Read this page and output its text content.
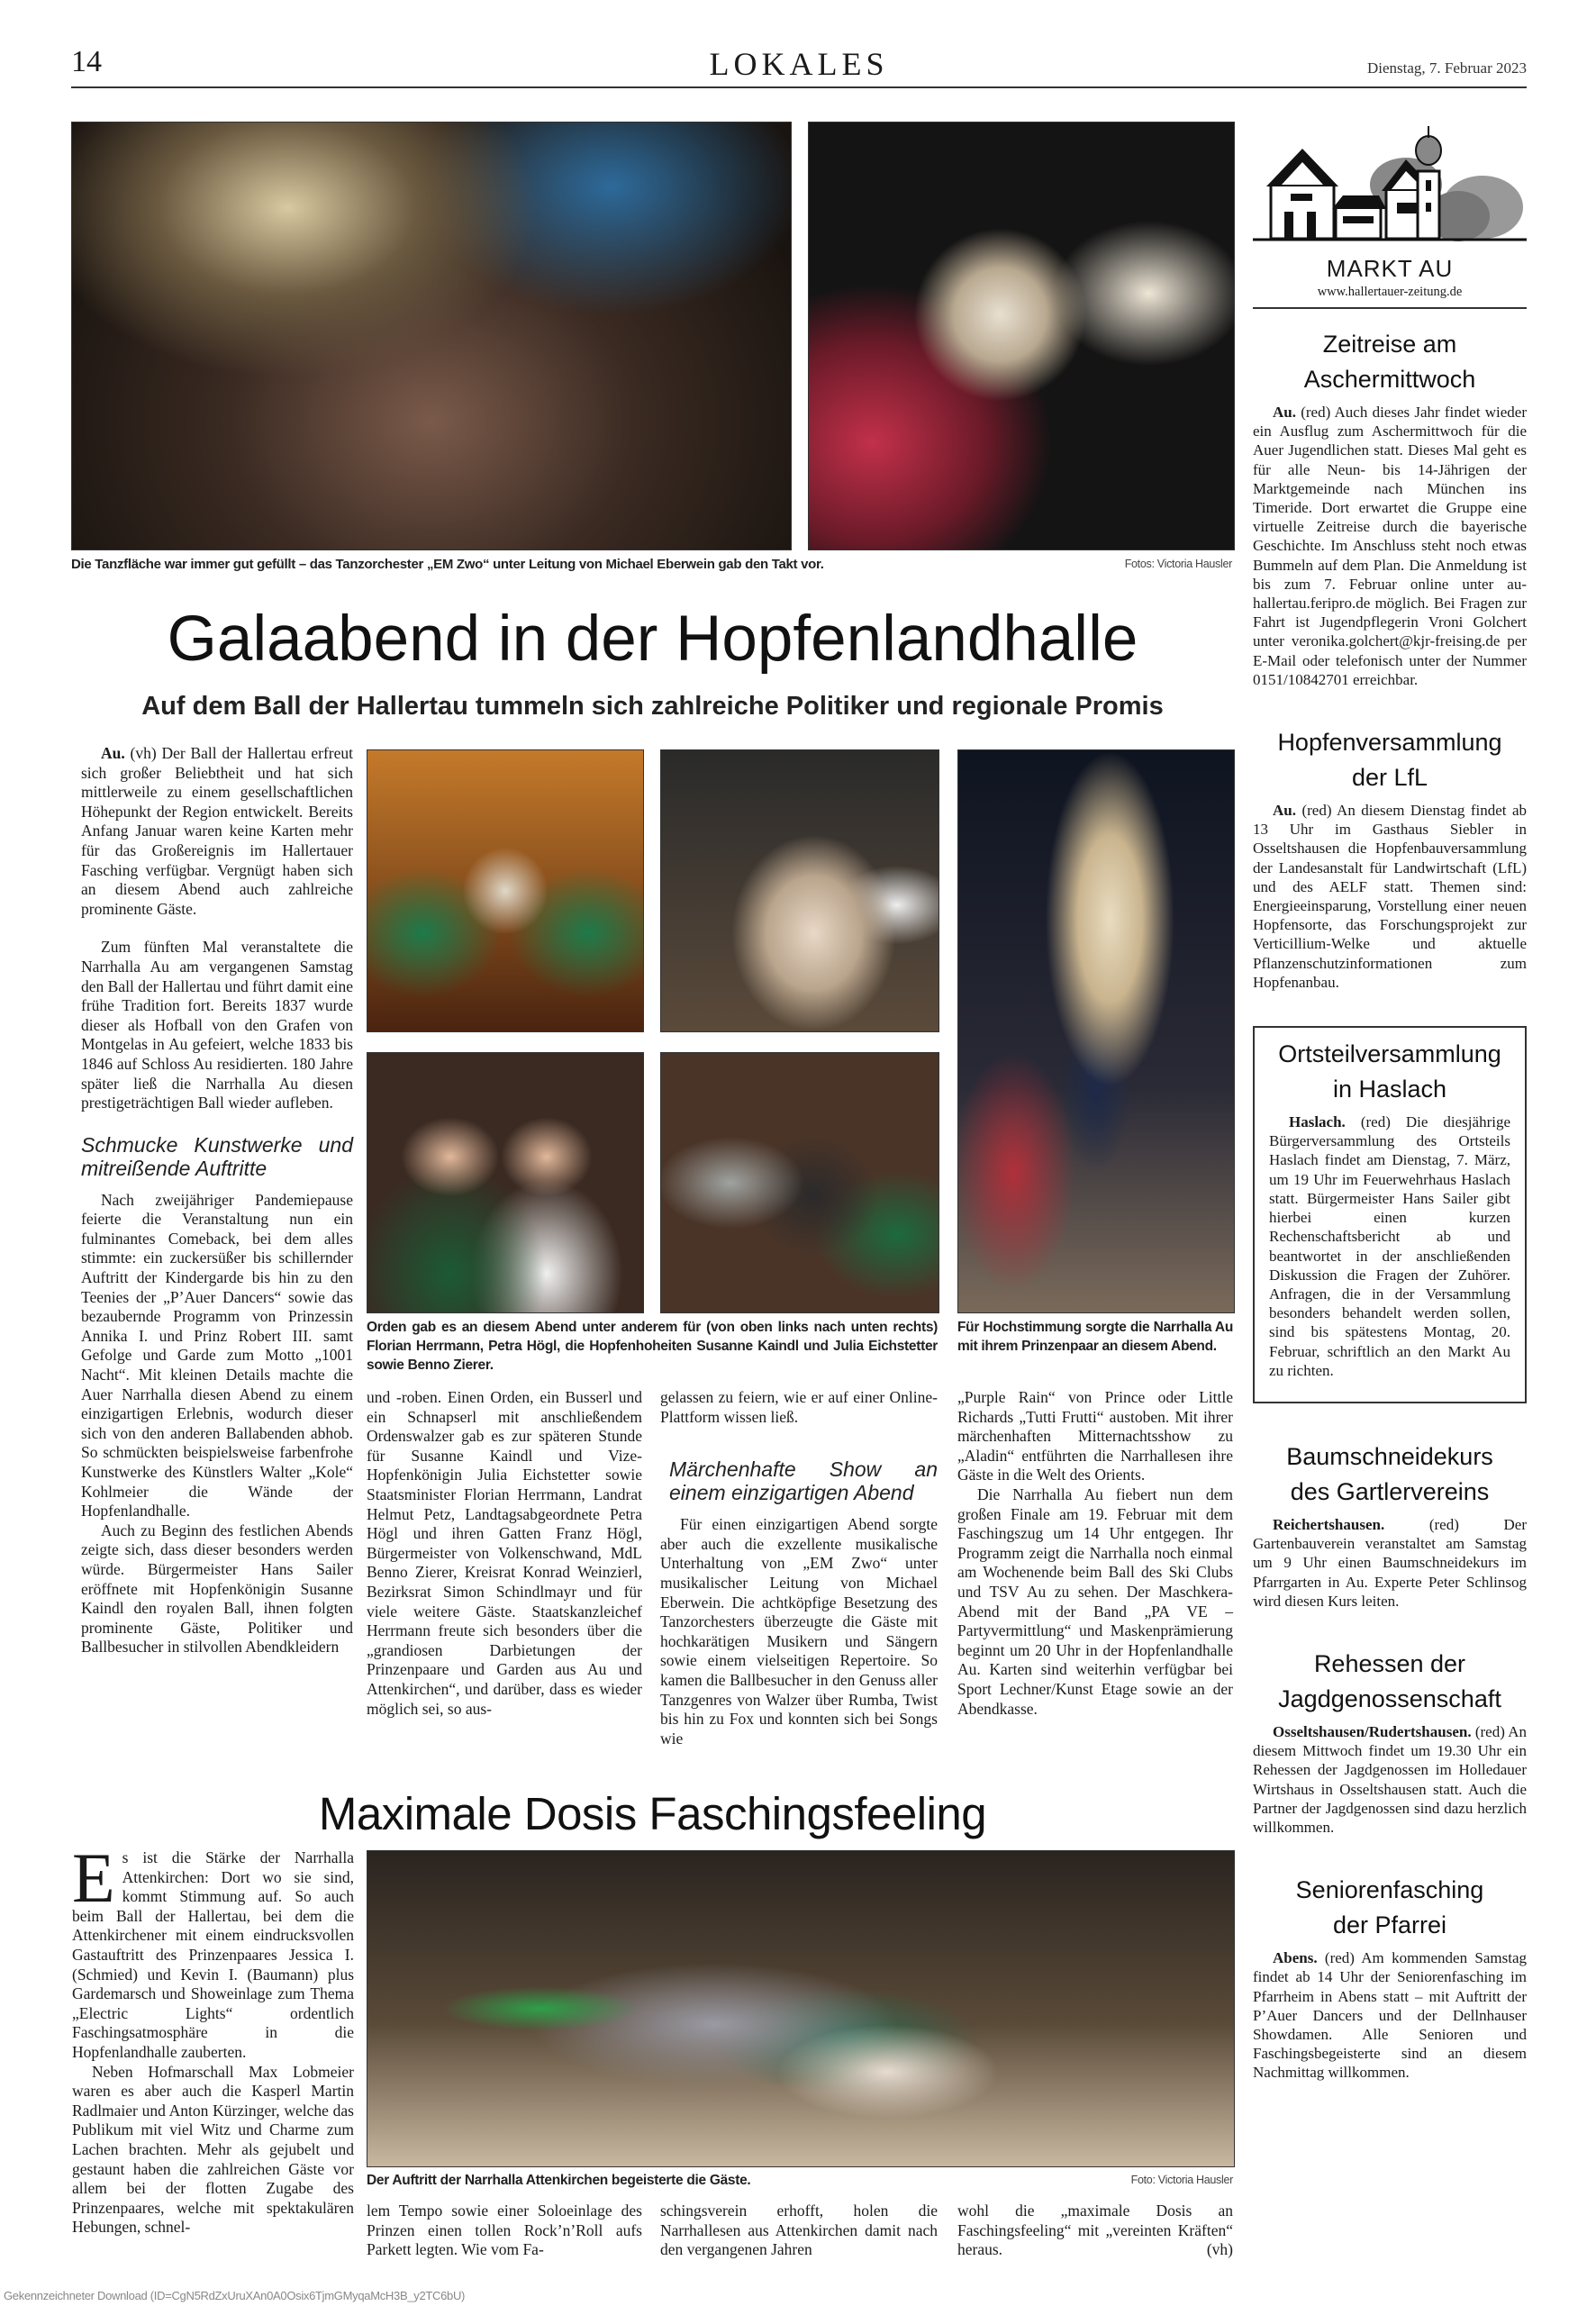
14	LOKALES	Dienstag, 7. Februar 2023
Die Tanzfläche war immer gut gefüllt – das Tanzorchester „EM Zwo“ unter Leitung von Michael Eberwein gab den Takt vor.	Fotos: Victoria Hausler
Galaabend in der Hopfenlandhalle
Auf dem Ball der Hallertau tummeln sich zahlreiche Politiker und regionale Promis

Au. (vh) Der Ball der Hallertau erfreut sich großer Beliebtheit und hat sich mittlerweile zu einem gesellschaftlichen Höhepunkt der Region entwickelt. Bereits Anfang Januar waren keine Karten mehr für das Großereignis im Hallertauer Fasching verfügbar. Vergnügt haben sich an diesem Abend auch zahlreiche prominente Gäste.

Zum fünften Mal veranstaltete die Narrhalla Au am vergangenen Samstag den Ball der Hallertau und führt damit eine frühe Tradition fort. Bereits 1837 wurde dieser als Hofball von den Grafen von Montgelas in Au gefeiert, welche 1833 bis 1846 auf Schloss Au residierten. 180 Jahre später ließ die Narrhalla Au diesen prestigeträchtigen Ball wieder aufleben.

Schmucke Kunstwerke und mitreißende Auftritte

Nach zweijähriger Pandemiepause feierte die Veranstaltung nun ein fulminantes Comeback, bei dem alles stimmte: ein zuckersüßer bis schillernder Auftritt der Kindergarde bis hin zu den Teenies der „P’Auer Dancers“ sowie das bezaubernde Programm von Prinzessin Annika I. und Prinz Robert III. samt Gefolge und Garde zum Motto „1001 Nacht“. Mit kleinen Details machte die Auer Narrhalla diesen Abend zu einem einzigartigen Erlebnis, wodurch dieser sich von den anderen Ballabenden abhob. So schmückten beispielsweise farbenfrohe Kunstwerke des Künstlers Walter „Kole“ Kohlmeier die Wände der Hopfenlandhalle.

Auch zu Beginn des festlichen Abends zeigte sich, dass dieser besonders werden würde. Bürgermeister Hans Sailer eröffnete mit Hopfenkönigin Susanne Kaindl den royalen Ball, ihnen folgten prominente Gäste, Politiker und Ballbesucher in stilvollen Abendkleidern

Orden gab es an diesem Abend unter anderem für (von oben links nach unten rechts) Florian Herrmann, Petra Högl, die Hopfenhoheiten Susanne Kaindl und Julia Eichstetter sowie Benno Zierer.
Für Hochstimmung sorgte die Narrhalla Au mit ihrem Prinzenpaar an diesem Abend.

und -roben. Einen Orden, ein Busserl und ein Schnapserl mit anschließendem Ordenswalzer gab es zur späteren Stunde für Susanne Kaindl und Vize-Hopfenkönigin Julia Eichstetter sowie Staatsminister Florian Herrmann, Landrat Helmut Petz, Landtagsabgeordnete Petra Högl und ihren Gatten Franz Högl, Bürgermeister von Volkenschwand, MdL Benno Zierer, Kreisrat Konrad Weinzierl, Bezirksrat Simon Schindlmayr und für viele weitere Gäste. Staatskanzleichef Herrmann freute sich besonders über die „grandiosen Darbietungen der Prinzenpaare und Garden aus Au und Attenkirchen“, und darüber, dass es wieder möglich sei, so aus-

gelassen zu feiern, wie er auf einer Online-Plattform wissen ließ.

Märchenhafte Show an einem einzigartigen Abend

Für einen einzigartigen Abend sorgte aber auch die exzellente musikalische Unterhaltung von „EM Zwo“ unter musikalischer Leitung von Michael Eberwein. Die achtköpfige Besetzung des Tanzorchesters überzeugte die Gäste mit hochkarätigen Musikern und Sängern sowie einem vielseitigen Repertoire. So kamen die Ballbesucher in den Genuss aller Tanzgenres von Walzer über Rumba, Twist bis hin zu Fox und konnten sich bei Songs wie

„Purple Rain“ von Prince oder Little Richards „Tutti Frutti“ austoben. Mit ihrer märchenhaften Mitternachtsshow zu „Aladin“ entführten die Narrhallesen ihre Gäste in die Welt des Orients.

Die Narrhalla Au fiebert nun dem großen Finale am 19. Februar mit dem Faschingszug um 14 Uhr entgegen. Ihr Programm zeigt die Narrhalla noch einmal am Wochenende beim Ball des Ski Clubs und TSV Au zu sehen. Der Maschkera-Abend mit der Band „PA VE – Partyvermittlung“ und Maskenprämierung beginnt um 20 Uhr in der Hopfenlandhalle Au. Karten sind weiterhin verfügbar bei Sport Lechner/Kunst Etage sowie an der Abendkasse.

Maximale Dosis Faschingsfeeling

Es ist die Stärke der Narrhalla Attenkirchen: Dort wo sie sind, kommt Stimmung auf. So auch beim Ball der Hallertau, bei dem die Attenkirchener mit einem eindrucksvollen Gastauftritt des Prinzenpaares Jessica I. (Schmied) und Kevin I. (Baumann) plus Gardemarsch und Showeinlage zum Thema „Electric Lights“ ordentlich Faschingsatmosphäre in die Hopfenlandhalle zauberten.

Neben Hofmarschall Max Lobmeier waren es aber auch die Kasperl Martin Radlmaier und Anton Kürzinger, welche das Publikum mit viel Witz und Charme zum Lachen brachten. Mehr als gejubelt und gestaunt haben die zahlreichen Gäste vor allem bei der flotten Zugabe des Prinzenpaares, welche mit spektakulären Hebungen, schnel-

Der Auftritt der Narrhalla Attenkirchen begeisterte die Gäste.	Foto: Victoria Hausler

lem Tempo sowie einer Soloeinlage des Prinzen einen tollen Rock’n’Roll aufs Parkett legten. Wie vom Fa-

schingsverein erhofft, holen die Narrhallesen aus Attenkirchen damit nach den vergangenen Jahren

wohl die „maximale Dosis an Faschingsfeeling“ mit „vereinten Kräften“ heraus.	(vh)
MARKT AU
www.hallertauer-zeitung.de
Zeitreise am Aschermittwoch

Au. (red) Auch dieses Jahr findet wieder ein Ausflug zum Aschermittwoch für die Auer Jugendlichen statt. Dieses Mal geht es für alle Neun- bis 14-Jährigen der Marktgemeinde nach München ins Timeride. Dort erwartet die Gruppe eine virtuelle Zeitreise durch die bayerische Geschichte. Im Anschluss steht noch etwas Bummeln auf dem Plan. Die Anmeldung ist bis zum 7. Februar online unter au-hallertau.feripro.de möglich. Bei Fragen zur Fahrt ist Jugendpflegerin Vroni Golchert unter veronika.golchert@kjr-freising.de per E-Mail oder telefonisch unter der Nummer 0151/10842701 erreichbar.

Hopfenversammlung der LfL

Au. (red) An diesem Dienstag findet ab 13 Uhr im Gasthaus Siebler in Osseltshausen die Hopfenbauversammlung der Landesanstalt für Landwirtschaft (LfL) und des AELF statt. Themen sind: Energieeinsparung, Vorstellung einer neuen Hopfensorte, das Forschungsprojekt zur Verticillium-Welke und aktuelle Pflanzenschutzinformationen zum Hopfenanbau.

Ortsteilversammlung in Haslach

Haslach. (red) Die diesjährige Bürgerversammlung des Ortsteils Haslach findet am Dienstag, 7. März, um 19 Uhr im Feuerwehrhaus Haslach statt. Bürgermeister Hans Sailer gibt hierbei einen kurzen Rechenschaftsbericht ab und beantwortet in der anschließenden Diskussion die Fragen der Zuhörer. Anfragen, die in der Versammlung besonders behandelt werden sollen, sind bis spätestens Montag, 20. Februar, schriftlich an den Markt Au zu richten.

Baumschneidekurs des Gartlervereins

Reichertshausen.	(red) Der Gartenbauverein veranstaltet am Samstag um 9 Uhr einen Baumschneidekurs im Pfarrgarten in Au. Experte Peter Schlinsog wird diesen Kurs leiten.

Rehessen der Jagdgenossenschaft

Osseltshausen/Rudertshausen. (red) An diesem Mittwoch findet um 19.30 Uhr ein Rehessen der Jagdgenossen im Holledauer Wirtshaus in Osseltshausen statt. Auch die Partner der Jagdgenossen sind dazu herzlich willkommen.

Seniorenfasching der Pfarrei

Abens. (red) Am kommenden Samstag findet ab 14 Uhr der Seniorenfasching im Pfarrheim in Abens statt – mit Auftritt der P’Auer Dancers und der Dellnhauser Showdamen. Alle Senioren und Faschingsbegeisterte sind an diesem Nachmittag willkommen.

Gekennzeichneter Download (ID=CgN5RdZxUruXAn0A0Osix6TjmGMyqaMcH3B_y2TC6bU)
